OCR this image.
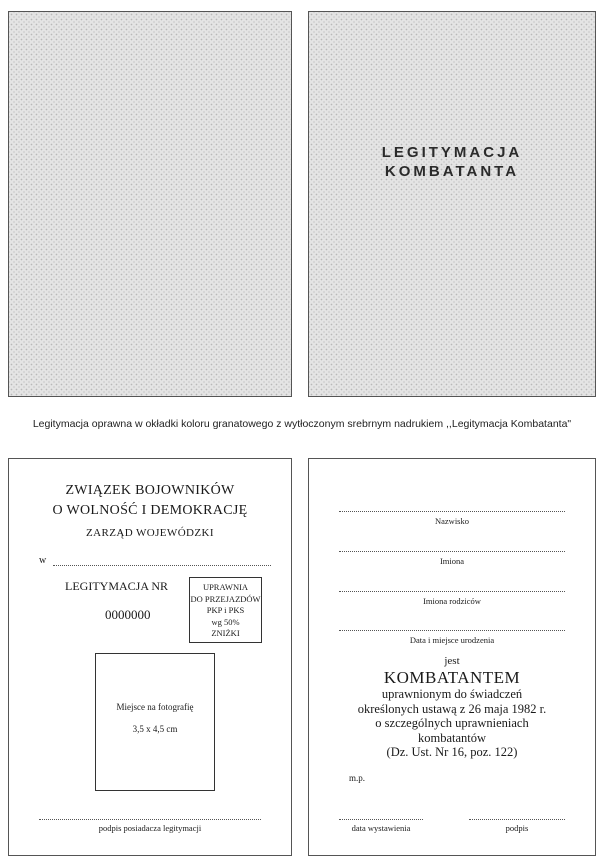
LEGITYMACJA
KOMBATANTA
Legitymacja oprawna w okładki koloru granatowego z wytłoczonym srebrnym nadrukiem ,,Legitymacja Kombatanta"
ZWIĄZEK BOJOWNIKÓW
O WOLNOŚĆ I DEMOKRACJĘ
ZARZĄD WOJEWÓDZKI
w
LEGITYMACJA NR
0000000
UPRAWNIA
DO PRZEJAZDÓW
PKP i PKS
wg 50%
ZNIŻKI
Miejsce na fotografię
3,5 x 4,5 cm
podpis posiadacza legitymacji
Nazwisko
Imiona
Imiona rodziców
Data i miejsce urodzenia
jest
KOMBATANTEM
uprawnionym do świadczeń
określonych ustawą z 26 maja 1982 r.
o szczególnych uprawnieniach
kombatantów
(Dz. Ust. Nr 16, poz. 122)
m.p.
data wystawienia	podpis
